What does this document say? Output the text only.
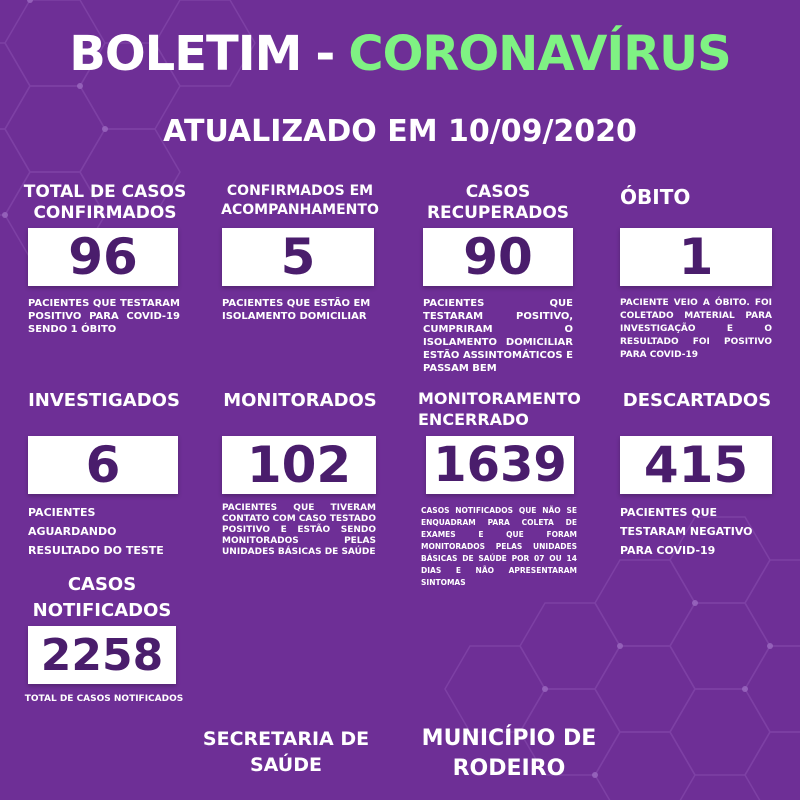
BOLETIM - CORONAVÍRUS
ATUALIZADO EM 10/09/2020
TOTAL DE CASOS CONFIRMADOS
96
PACIENTES QUE TESTARAM POSITIVO PARA COVID-19 SENDO 1 ÓBITO
CONFIRMADOS EM ACOMPANHAMENTO
5
PACIENTES QUE ESTÃO EM ISOLAMENTO DOMICILIAR
CASOS RECUPERADOS
90
PACIENTES QUE TESTARAM POSITIVO, CUMPRIRAM O ISOLAMENTO DOMICILIAR ESTÃO ASSINTOMÁTICOS E PASSAM BEM
ÓBITO
1
PACIENTE VEIO A ÓBITO. FOI COLETADO MATERIAL PARA INVESTIGAÇÃO E O RESULTADO FOI POSITIVO PARA COVID-19
INVESTIGADOS
6
PACIENTES AGUARDANDO RESULTADO DO TESTE
MONITORADOS
102
PACIENTES QUE TIVERAM CONTATO COM CASO TESTADO POSITIVO E ESTÃO SENDO MONITORADOS PELAS UNIDADES BÁSICAS DE SAÚDE
MONITORAMENTO ENCERRADO
1639
CASOS NOTIFICADOS QUE NÃO SE ENQUADRAM PARA COLETA DE EXAMES E QUE FORAM MONITORADOS PELAS UNIDADES BÁSICAS DE SAÚDE POR 07 OU 14 DIAS E NÃO APRESENTARAM SINTOMAS
DESCARTADOS
415
PACIENTES QUE TESTARAM NEGATIVO PARA COVID-19
CASOS NOTIFICADOS
2258
TOTAL DE CASOS NOTIFICADOS
SECRETARIA DE SAÚDE
MUNICÍPIO DE RODEIRO
